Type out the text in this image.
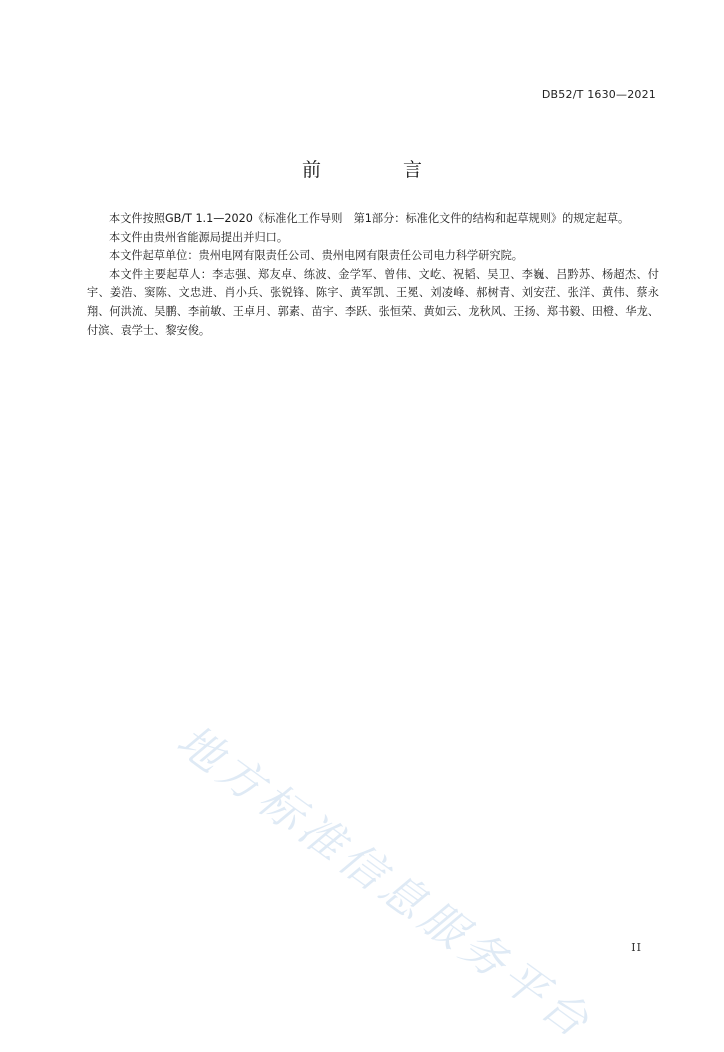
DB52/T 1630—2021
前 言

本文件按照GB/T 1.1—2020《标准化工作导则　第1部分：标准化文件的结构和起草规则》的规定起草。

本文件由贵州省能源局提出并归口。

本文件起草单位：贵州电网有限责任公司、贵州电网有限责任公司电力科学研究院。

本文件主要起草人：李志强、郑友卓、练波、金学军、曾伟、文屹、祝韬、吴卫、李巍、吕黔苏、杨超杰、付宇、姜浩、窦陈、文忠进、肖小兵、张锐锋、陈宇、黄军凯、王冕、刘凌峰、郝树青、刘安茳、张洋、黄伟、蔡永翔、何洪流、吴鹏、李前敏、王卓月、郭素、苗宇、李跃、张恒荣、黄如云、龙秋风、王扬、郑书毅、田橙、华龙、付滨、袁学士、黎安俊。

地方标准信息服务平台	II
